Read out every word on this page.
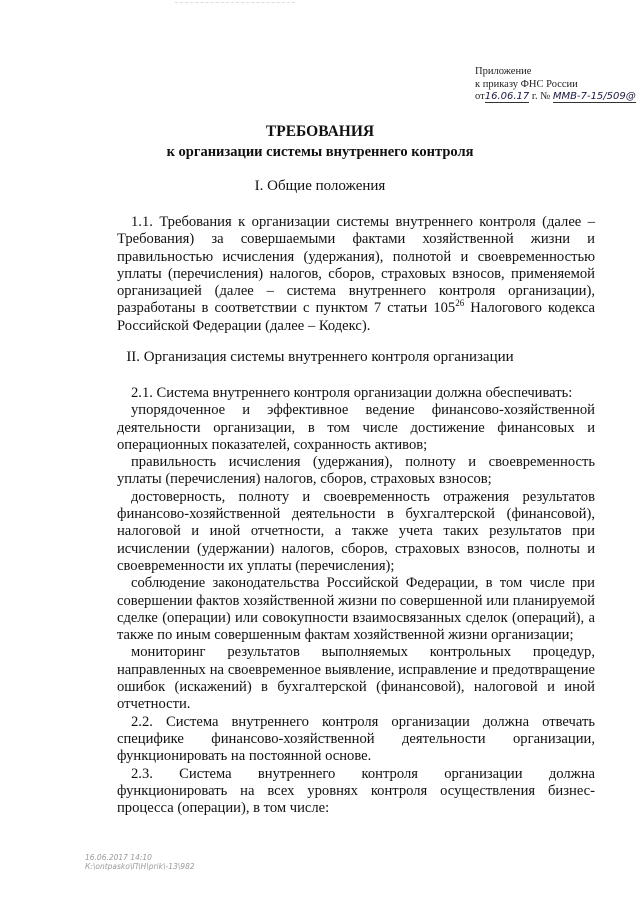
Приложение
к приказу ФНС России
от16.06.17 г. № ММВ-7-15/509@
ТРЕБОВАНИЯ
к организации системы внутреннего контроля
I. Общие положения

1.1. Требования к организации системы внутреннего контроля (далее – Требования) за совершаемыми фактами хозяйственной жизни и правильностью исчисления (удержания), полнотой и своевременностью уплаты (перечисления) налогов, сборов, страховых взносов, применяемой организацией (далее – система внутреннего контроля организации), разработаны в соответствии с пунктом 7 статьи $105^{26}$ Налогового кодекса Российской Федерации (далее – Кодекс).

II. Организация системы внутреннего контроля организации

2.1. Система внутреннего контроля организации должна обеспечивать:

упорядоченное и эффективное ведение финансово-хозяйственной деятельности организации, в том числе достижение финансовых и операционных показателей, сохранность активов;

правильность исчисления (удержания), полноту и своевременность уплаты (перечисления) налогов, сборов, страховых взносов;

достоверность, полноту и своевременность отражения результатов финансово-хозяйственной деятельности в бухгалтерской (финансовой), налоговой и иной отчетности, а также учета таких результатов при исчислении (удержании) налогов, сборов, страховых взносов, полноты и своевременности их уплаты (перечисления);

соблюдение законодательства Российской Федерации, в том числе при совершении фактов хозяйственной жизни по совершенной или планируемой сделке (операции) или совокупности взаимосвязанных сделок (операций), а также по иным совершенным фактам хозяйственной жизни организации;

мониторинг результатов выполняемых контрольных процедур, направленных на своевременное выявление, исправление и предотвращение ошибок (искажений) в бухгалтерской (финансовой), налоговой и иной отчетности.

2.2. Система внутреннего контроля организации должна отвечать специфике финансово-хозяйственной деятельности организации, функционировать на постоянной основе.

2.3. Система внутреннего контроля организации должна функционировать на всех уровнях контроля осуществления бизнес-процесса (операции), в том числе:

16.06.2017 14:10
К:\ontpasko\П\Н\prik\-13\982
